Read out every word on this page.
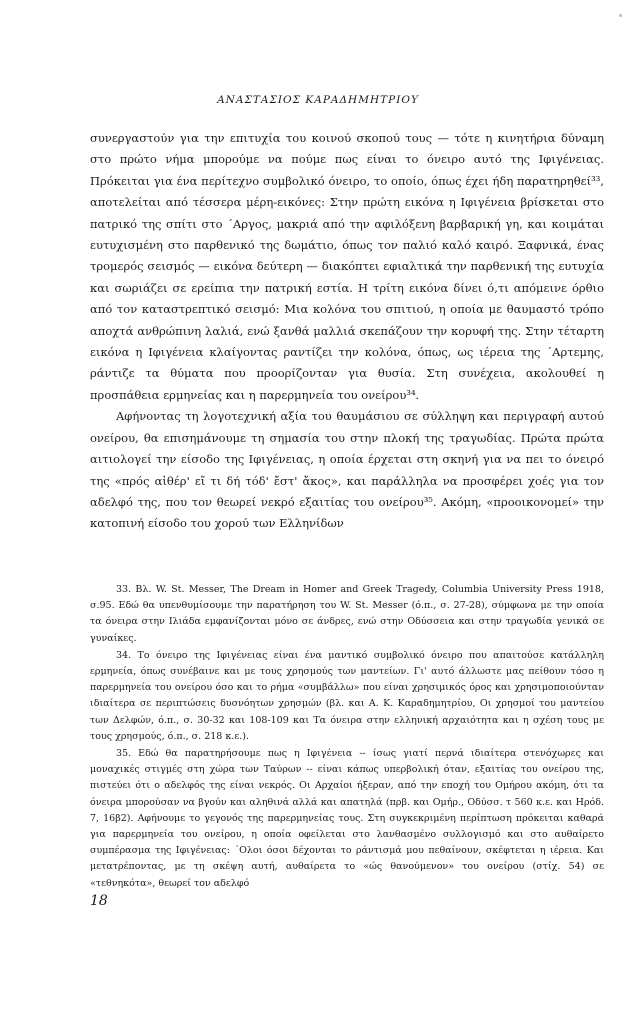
ΑΝΑΣΤΑΣΙΟΣ ΚΑΡΑΔΗΜΗΤΡΙΟΥ

συνεργαστούν για την επιτυχία του κοινού σκοπού τους — τότε η κινητήρια δύναμη στο πρώτο νήμα μπορούμε να πούμε πως είναι το όνειρο αυτό της Ιφιγένειας. Πρόκειται για ένα περίτεχνο συμβολικό όνειρο, το οποίο, όπως έχει ήδη παρατηρηθεί³³, αποτελείται από τέσσερα μέρη-εικόνες: Στην πρώτη εικόνα η Ιφιγένεια βρίσκεται στο πατρικό της σπίτι στο ΄Αργος, μακριά από την αφιλόξενη βαρβαρική γη, και κοιμάται ευτυχισμένη στο παρθενικό της δωμάτιο, όπως τον παλιό καλό καιρό. Ξαφνικά, ένας τρομερός σεισμός — εικόνα δεύτερη — διακόπτει εφιαλτικά την παρθενική της ευτυχία και σωριάζει σε ερείπια την πατρική εστία. Η τρίτη εικόνα δίνει ό,τι απόμεινε όρθιο από τον καταστρεπτικό σεισμό: Μια κολόνα του σπιτιού, η οποία με θαυμαστό τρόπο αποχτά ανθρώπινη λαλιά, ενώ ξανθά μαλλιά σκεπάζουν την κορυφή της. Στην τέταρτη εικόνα η Ιφιγένεια κλαίγοντας ραντίζει την κολόνα, όπως, ως ιέρεια της ΄Αρτεμης, ράντιζε τα θύματα που προορίζονταν για θυσία. Στη συνέχεια, ακολουθεί η προσπάθεια ερμηνείας και η παρερμηνεία του ονείρου³⁴.

Αφήνοντας τη λογοτεχνική αξία του θαυμάσιου σε σύλληψη και περιγραφή αυτού ονείρου, θα επισημάνουμε τη σημασία του στην πλοκή της τραγωδίας. Πρώτα πρώτα αιτιολογεί την είσοδο της Ιφιγένειας, η οποία έρχεται στη σκηνή για να πει το όνειρό της «πρός αἰθέρ' εἴ τι δή τόδ' ἔστ' ἄκος», και παράλληλα να προσφέρει χοές για τον αδελφό της, που τον θεωρεί νεκρό εξαιτίας του ονείρου³⁵. Ακόμη, «προοικονομεί» την κατοπινή είσοδο του χορού των Ελληνίδων

33. Βλ. W. St. Messer, The Dream in Homer and Greek Tragedy, Columbia University Press 1918, σ.95. Εδώ θα υπενθυμίσουμε την παρατήρηση του W. St. Messer (ό.π., σ. 27-28), σύμφωνα με την οποία τα όνειρα στην Ιλιάδα εμφανίζονται μόνο σε άνδρες, ενώ στην Οδύσσεια και στην τραγωδία γενικά σε γυναίκες.

34. Το όνειρο της Ιφιγένειας είναι ένα μαντικό συμβολικό όνειρο που απαιτούσε κατάλληλη ερμηνεία, όπως συνέβαινε και με τους χρησμούς των μαντείων. Γι' αυτό άλλωστε μας πείθουν τόσο η παρερμηνεία του ονείρου όσο και το ρήμα «συμβάλλω» που είναι χρησιμικός όρος και χρησιμοποιούνταν ιδιαίτερα σε περιπτώσεις δυσνόητων χρησμών (βλ. και Α. Κ. Καραδημητρίου, Οι χρησμοί του μαντείου των Δελφών, ό.π., σ. 30-32 και 108-109 και Τα όνειρα στην ελληνική αρχαιότητα και η σχέση τους με τους χρησμούς, ό.π., σ. 218 κ.ε.).

35. Εδώ θα παρατηρήσουμε πως η Ιφιγένεια -- ίσως γιατί περνά ιδιαίτερα στενόχωρες και μοναχικές στιγμές στη χώρα των Ταύρων -- είναι κάπως υπερβολική όταν, εξαιτίας του ονείρου της, πιστεύει ότι ο αδελφός της είναι νεκρός. Οι Αρχαίοι ήξεραν, από την εποχή του Ομήρου ακόμη, ότι τα όνειρα μπορούσαν να βγούν και αληθινά αλλά και απατηλά (πρβ. και Ομήρ., Οδύσσ. τ 560 κ.ε. και Ηρόδ. 7, 16β2). Αφήνουμε το γεγονός της παρερμηνείας τους. Στη συγκεκριμένη περίπτωση πρόκειται καθαρά για παρερμηνεία του ονείρου, η οποία οφείλεται στο λανθασμένο συλλογισμό και στο αυθαίρετο συμπέρασμα της Ιφιγένειας: ΄Ολοι όσοι δέχονται το ράντισμά μου πεθαίνουν, σκέφτεται η ιέρεια. Και μετατρέποντας, με τη σκέψη αυτή, αυθαίρετα το «ώς θανούμενον» του ονείρου (στίχ. 54) σε «τεθνηκότα», θεωρεί τον αδελφό

18
